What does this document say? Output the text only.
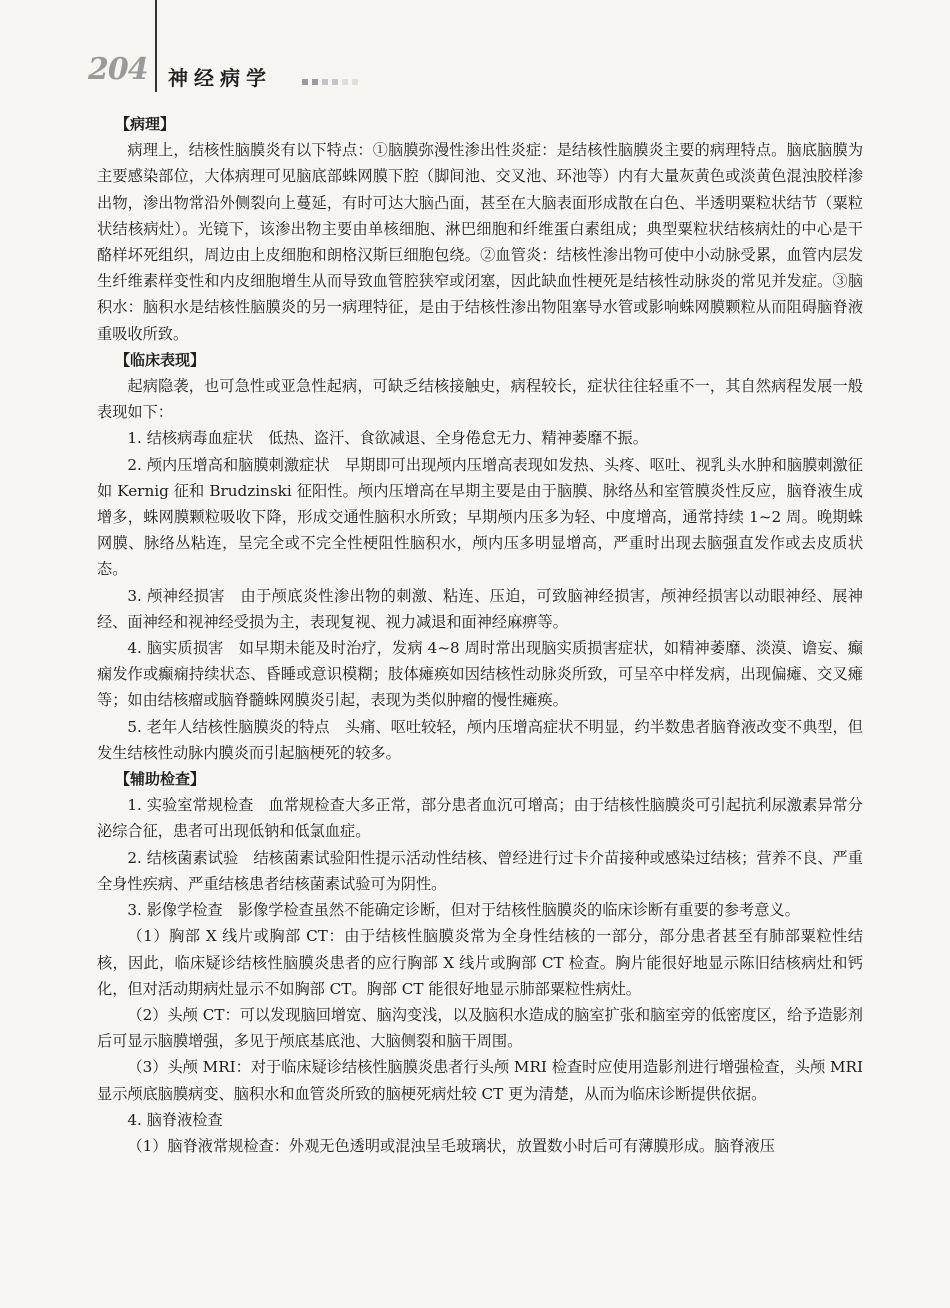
204 神经病学
【病理】

病理上，结核性脑膜炎有以下特点：①脑膜弥漫性渗出性炎症：是结核性脑膜炎主要的病理特点。脑底脑膜为主要感染部位，大体病理可见脑底部蛛网膜下腔（脚间池、交叉池、环池等）内有大量灰黄色或淡黄色混浊胶样渗出物，渗出物常沿外侧裂向上蔓延，有时可达大脑凸面，甚至在大脑表面形成散在白色、半透明粟粒状结节（粟粒状结核病灶）。光镜下，该渗出物主要由单核细胞、淋巴细胞和纤维蛋白素组成；典型粟粒状结核病灶的中心是干酪样坏死组织，周边由上皮细胞和朗格汉斯巨细胞包绕。②血管炎：结核性渗出物可使中小动脉受累，血管内层发生纤维素样变性和内皮细胞增生从而导致血管腔狭窄或闭塞，因此缺血性梗死是结核性动脉炎的常见并发症。③脑积水：脑积水是结核性脑膜炎的另一病理特征，是由于结核性渗出物阻塞导水管或影响蛛网膜颗粒从而阻碍脑脊液重吸收所致。

【临床表现】

起病隐袭，也可急性或亚急性起病，可缺乏结核接触史，病程较长，症状往往轻重不一，其自然病程发展一般表现如下：

1. 结核病毒血症状　低热、盗汗、食欲减退、全身倦怠无力、精神萎靡不振。

2. 颅内压增高和脑膜刺激症状　早期即可出现颅内压增高表现如发热、头疼、呕吐、视乳头水肿和脑膜刺激征如 Kernig 征和 Brudzinski 征阳性。颅内压增高在早期主要是由于脑膜、脉络丛和室管膜炎性反应，脑脊液生成增多，蛛网膜颗粒吸收下降，形成交通性脑积水所致；早期颅内压多为轻、中度增高，通常持续 1~2 周。晚期蛛网膜、脉络丛粘连，呈完全或不完全性梗阻性脑积水，颅内压多明显增高，严重时出现去脑强直发作或去皮质状态。

3. 颅神经损害　由于颅底炎性渗出物的刺激、粘连、压迫，可致脑神经损害，颅神经损害以动眼神经、展神经、面神经和视神经受损为主，表现复视、视力减退和面神经麻痹等。

4. 脑实质损害　如早期未能及时治疗，发病 4~8 周时常出现脑实质损害症状，如精神萎靡、淡漠、谵妄、癫痫发作或癫痫持续状态、昏睡或意识模糊；肢体瘫痪如因结核性动脉炎所致，可呈卒中样发病，出现偏瘫、交叉瘫等；如由结核瘤或脑脊髓蛛网膜炎引起，表现为类似肿瘤的慢性瘫痪。

5. 老年人结核性脑膜炎的特点　头痛、呕吐较轻，颅内压增高症状不明显，约半数患者脑脊液改变不典型，但发生结核性动脉内膜炎而引起脑梗死的较多。

【辅助检查】

1. 实验室常规检查　血常规检查大多正常，部分患者血沉可增高；由于结核性脑膜炎可引起抗利尿激素异常分泌综合征，患者可出现低钠和低氯血症。

2. 结核菌素试验　结核菌素试验阳性提示活动性结核、曾经进行过卡介苗接种或感染过结核；营养不良、严重全身性疾病、严重结核患者结核菌素试验可为阴性。

3. 影像学检查　影像学检查虽然不能确定诊断，但对于结核性脑膜炎的临床诊断有重要的参考意义。

（1）胸部 X 线片或胸部 CT：由于结核性脑膜炎常为全身性结核的一部分，部分患者甚至有肺部粟粒性结核，因此，临床疑诊结核性脑膜炎患者的应行胸部 X 线片或胸部 CT 检查。胸片能很好地显示陈旧结核病灶和钙化，但对活动期病灶显示不如胸部 CT。胸部 CT 能很好地显示肺部粟粒性病灶。

（2）头颅 CT：可以发现脑回增宽、脑沟变浅，以及脑积水造成的脑室扩张和脑室旁的低密度区，给予造影剂后可显示脑膜增强，多见于颅底基底池、大脑侧裂和脑干周围。

（3）头颅 MRI：对于临床疑诊结核性脑膜炎患者行头颅 MRI 检查时应使用造影剂进行增强检查，头颅 MRI 显示颅底脑膜病变、脑积水和血管炎所致的脑梗死病灶较 CT 更为清楚，从而为临床诊断提供依据。

4. 脑脊液检查

（1）脑脊液常规检查：外观无色透明或混浊呈毛玻璃状，放置数小时后可有薄膜形成。脑脊液压
